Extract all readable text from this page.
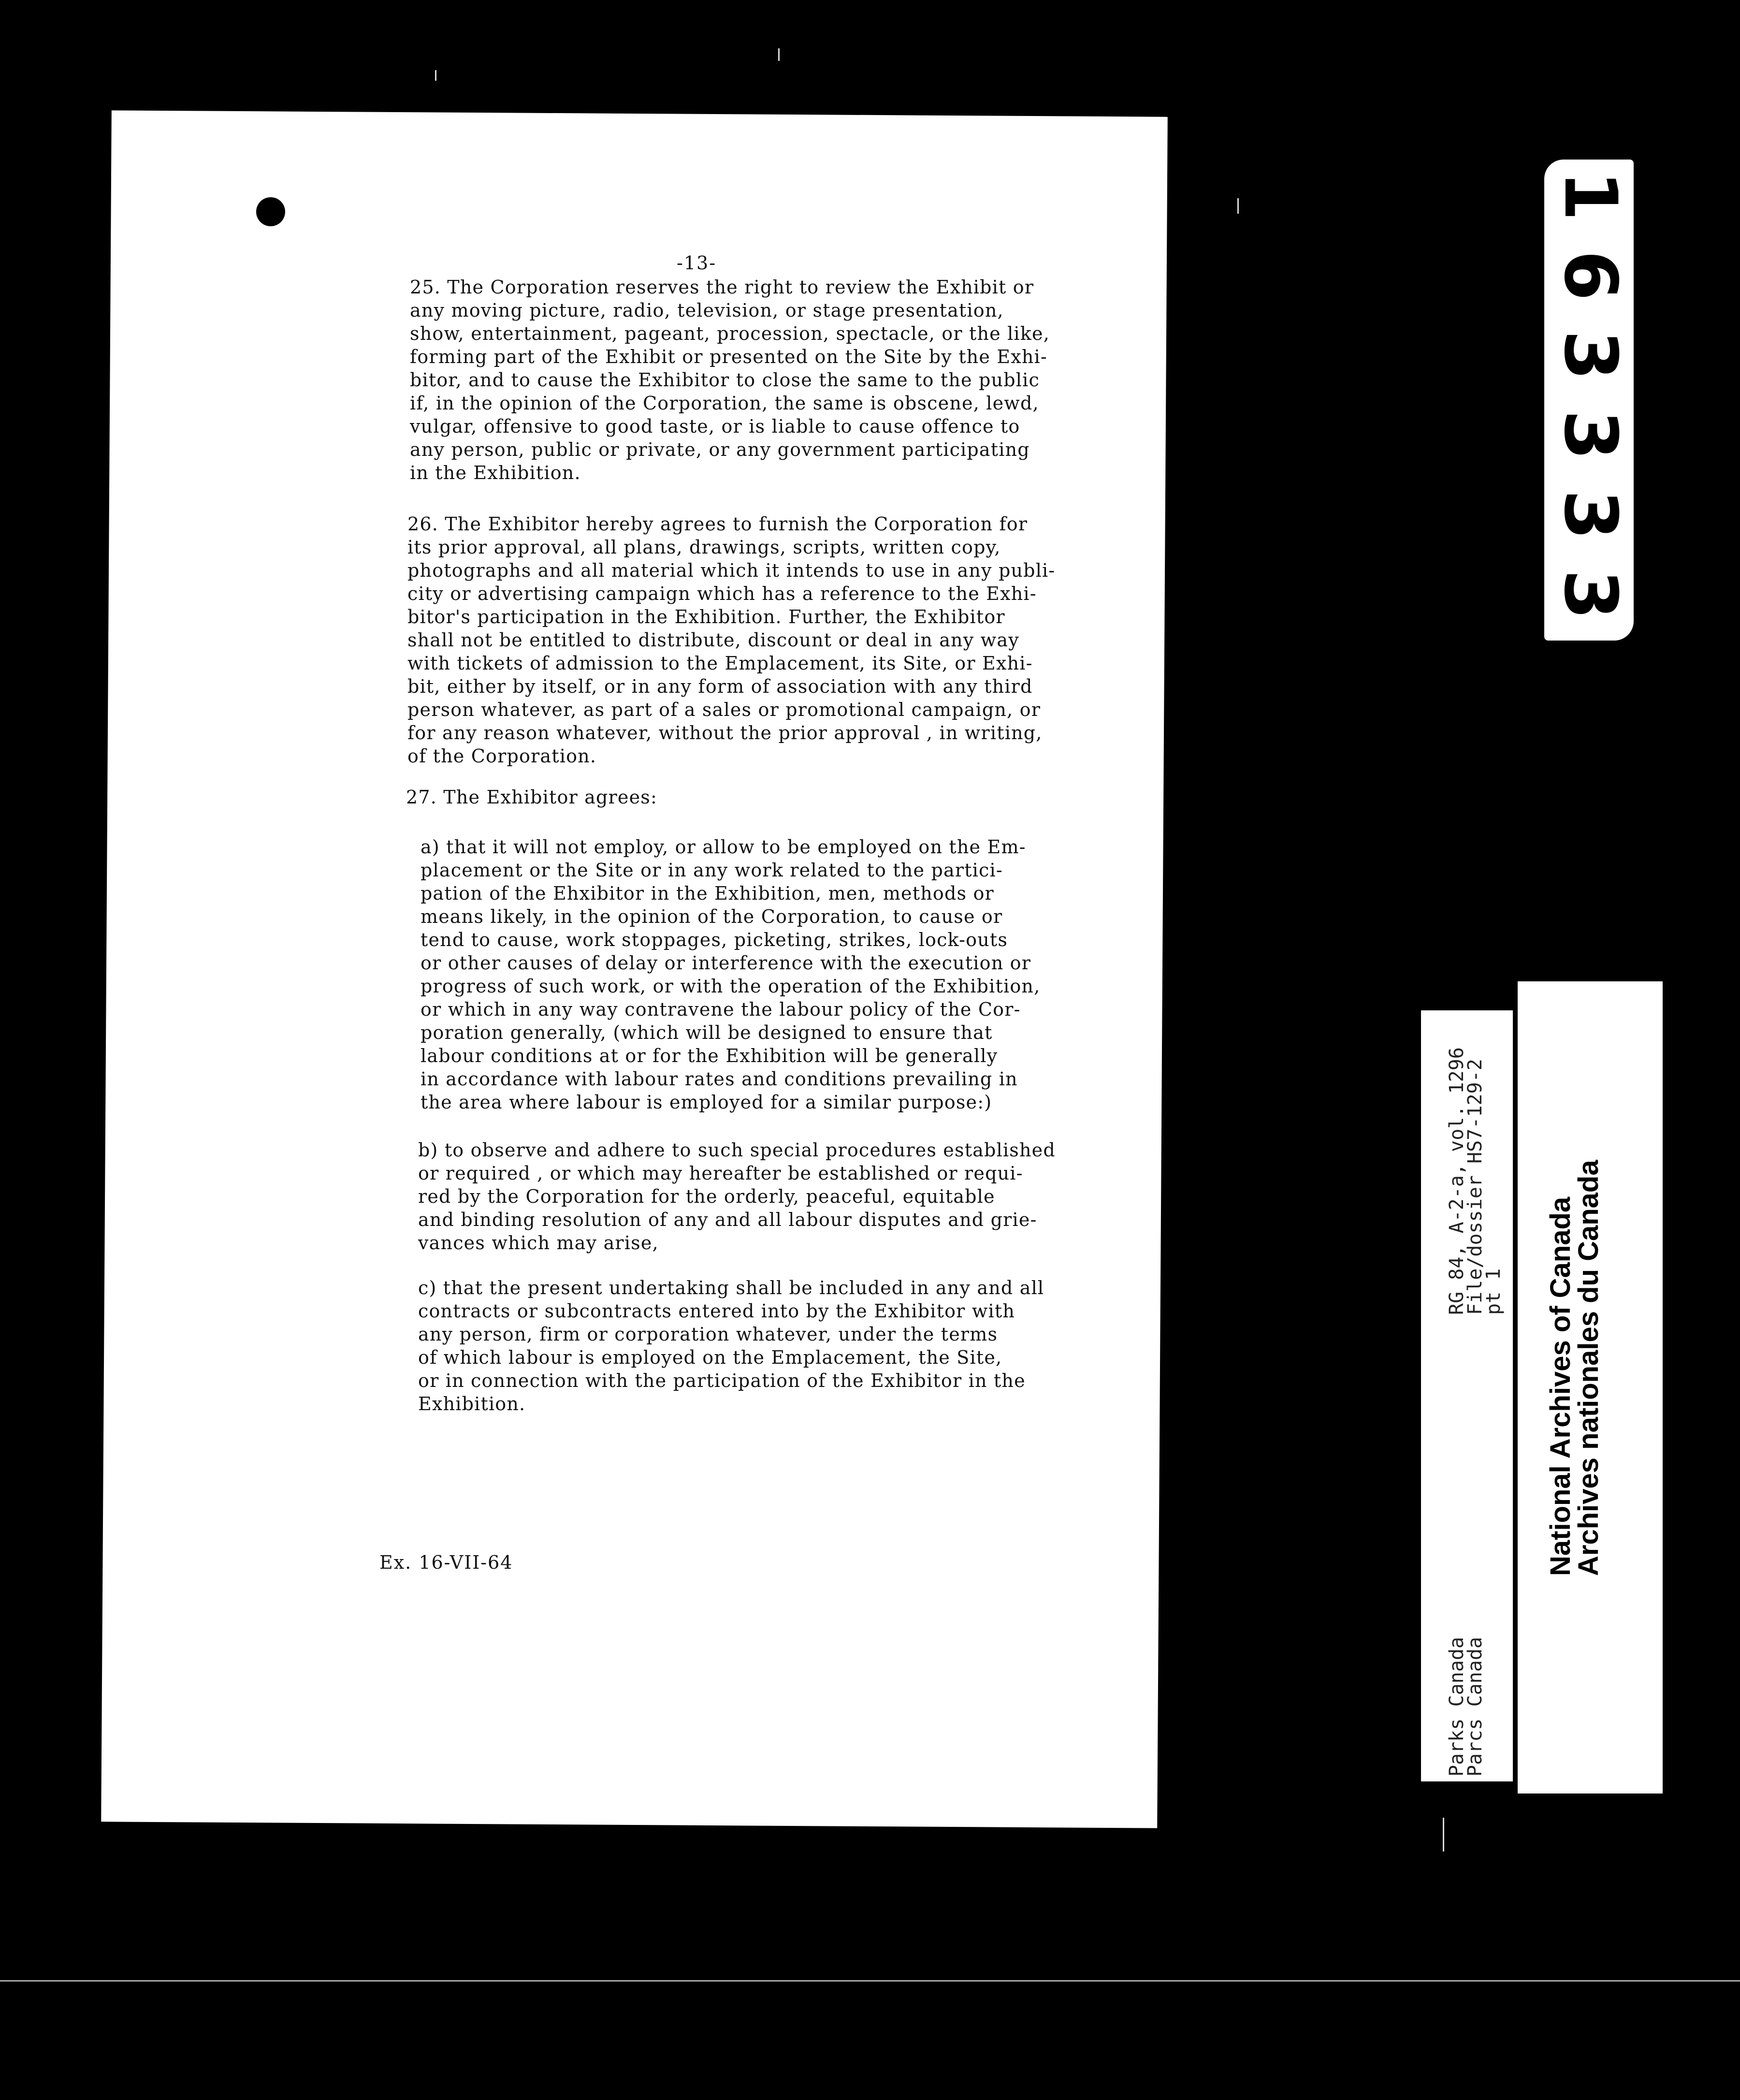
-13-
25. The Corporation reserves the right to review the Exhibit or
any moving picture, radio, television, or stage presentation,
show, entertainment, pageant, procession, spectacle, or the like,
forming part of the Exhibit or presented on the Site by the Exhi-
bitor, and to cause the Exhibitor to close the same to the public
if, in the opinion of the Corporation, the same is obscene, lewd,
vulgar, offensive to good taste, or is liable to cause offence to
any person, public or private, or any government participating
in the Exhibition.
26. The Exhibitor hereby agrees to furnish the Corporation for
its prior approval, all plans, drawings, scripts, written copy,
photographs and all material which it intends to use in any publi-
city or advertising campaign which has a reference to the Exhi-
bitor's participation in the Exhibition. Further, the Exhibitor
shall not be entitled to distribute, discount or deal in any way
with tickets of admission to the Emplacement, its Site, or Exhi-
bit, either by itself, or in any form of association with any third
person whatever, as part of a sales or promotional campaign, or
for any reason whatever, without the prior approval , in writing,
of the Corporation.
27. The Exhibitor agrees:
a) that it will not employ, or allow to be employed on the Em-
placement or the Site or in any work related to the partici-
pation of the Ehxibitor in the Exhibition, men, methods or
means likely, in the opinion of the Corporation, to cause or
tend to cause, work stoppages, picketing, strikes, lock-outs
or other causes of delay or interference with the execution or
progress of such work, or with the operation of the Exhibition,
or which in any way contravene the labour policy of the Cor-
poration generally, (which will be designed to ensure that
labour conditions at or for the Exhibition will be generally
in accordance with labour rates and conditions prevailing in
the area where labour is employed for a similar purpose:)
b) to observe and adhere to such special procedures established
or required , or which may hereafter be established or requi-
red by the Corporation for the orderly, peaceful, equitable
and binding resolution of any and all labour disputes and grie-
vances which may arise,
c) that the present undertaking shall be included in any and all
contracts or subcontracts entered into by the Exhibitor with
any person, firm or corporation whatever, under the terms
of which labour is employed on the Emplacement, the Site,
or in connection with the participation of the Exhibitor in the
Exhibition.
Ex. 16-VII-64
1
6
3
3
3
3
RG 84, A-2-a, vol. 1296
File/dossier HS7-129-2
pt 1
Parks Canada
Parcs Canada
National Archives of Canada
Archives nationales du Canada
